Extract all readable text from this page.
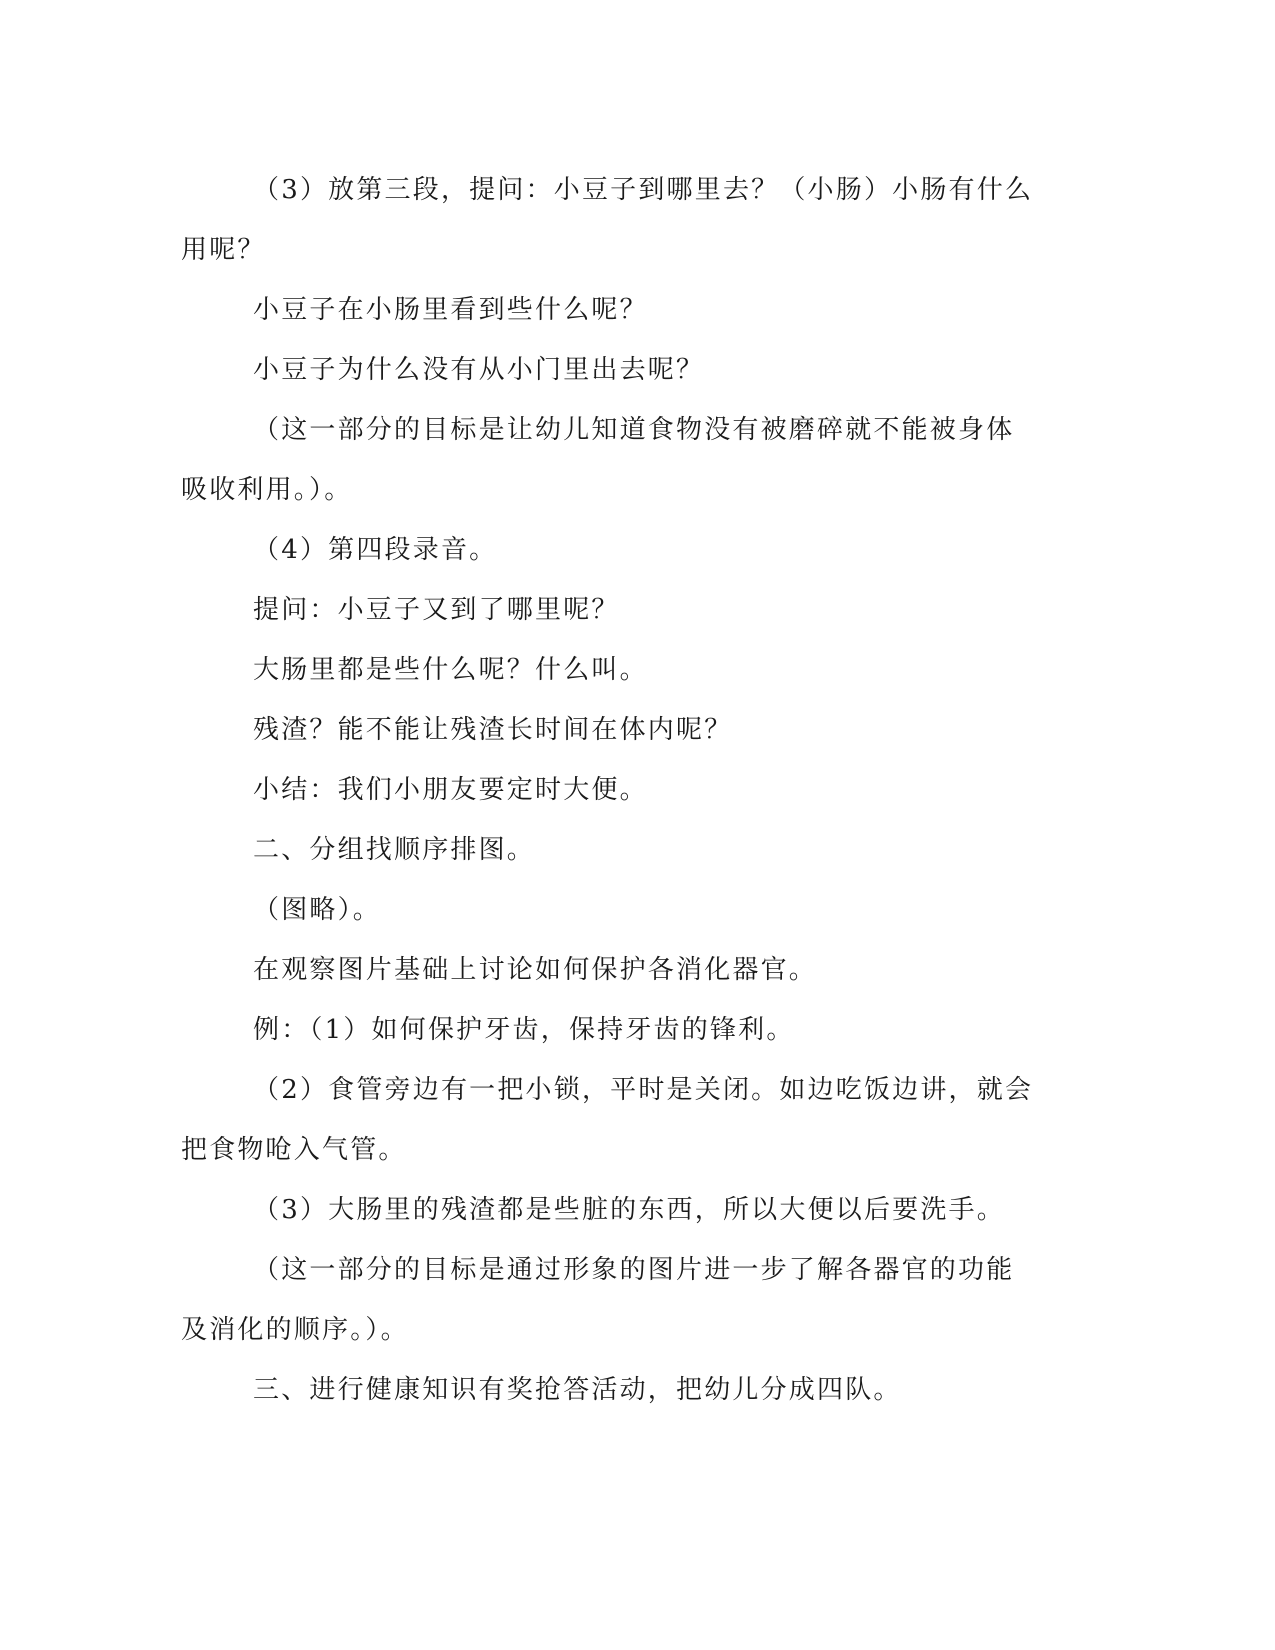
（3）放第三段，提问：小豆子到哪里去？（小肠）小肠有什么用呢？

小豆子在小肠里看到些什么呢？

小豆子为什么没有从小门里出去呢？

（这一部分的目标是让幼儿知道食物没有被磨碎就不能被身体吸收利用。）。

（4）第四段录音。

提问：小豆子又到了哪里呢？

大肠里都是些什么呢？什么叫。

残渣？能不能让残渣长时间在体内呢？

小结：我们小朋友要定时大便。

二、分组找顺序排图。

（图略）。

在观察图片基础上讨论如何保护各消化器官。

例：（1）如何保护牙齿，保持牙齿的锋利。

（2）食管旁边有一把小锁，平时是关闭。如边吃饭边讲，就会把食物呛入气管。

（3）大肠里的残渣都是些脏的东西，所以大便以后要洗手。

（这一部分的目标是通过形象的图片进一步了解各器官的功能及消化的顺序。）。

三、进行健康知识有奖抢答活动，把幼儿分成四队。
